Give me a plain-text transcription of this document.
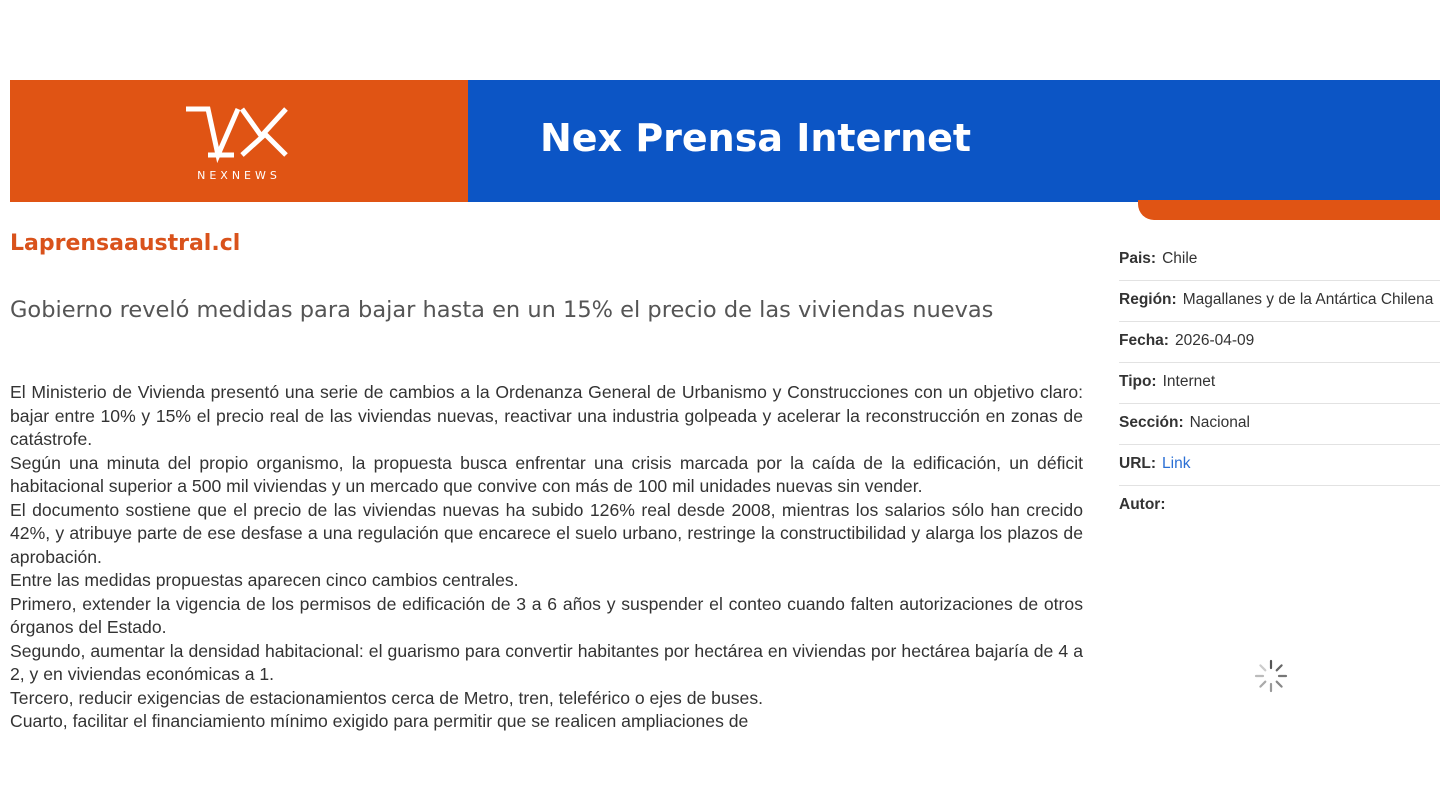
NEXNEWS
Nex Prensa Internet
Laprensaaustral.cl
Gobierno reveló medidas para bajar hasta en un 15% el precio de las viviendas nuevas

El Ministerio de Vivienda presentó una serie de cambios a la Ordenanza General de Urbanismo y Construcciones con un objetivo claro: bajar entre 10% y 15% el precio real de las viviendas nuevas, reactivar una industria golpeada y acelerar la reconstrucción en zonas de catástrofe.

Según una minuta del propio organismo, la propuesta busca enfrentar una crisis marcada por la caída de la edificación, un déficit habitacional superior a 500 mil viviendas y un mercado que convive con más de 100 mil unidades nuevas sin vender.

El documento sostiene que el precio de las viviendas nuevas ha subido 126% real desde 2008, mientras los salarios sólo han crecido 42%, y atribuye parte de ese desfase a una regulación que encarece el suelo urbano, restringe la constructibilidad y alarga los plazos de aprobación.

Entre las medidas propuestas aparecen cinco cambios centrales.

Primero, extender la vigencia de los permisos de edificación de 3 a 6 años y suspender el conteo cuando falten autorizaciones de otros órganos del Estado.

Segundo, aumentar la densidad habitacional: el guarismo para convertir habitantes por hectárea en viviendas por hectárea bajaría de 4 a 2, y en viviendas económicas a 1.

Tercero, reducir exigencias de estacionamientos cerca de Metro, tren, teleférico o ejes de buses.

Cuarto, facilitar el financiamiento mínimo exigido para permitir que se realicen ampliaciones de

Pais: Chile
Región: Magallanes y de la Antártica Chilena
Fecha: 2026-04-09
Tipo: Internet
Sección: Nacional
URL: Link
Autor:
